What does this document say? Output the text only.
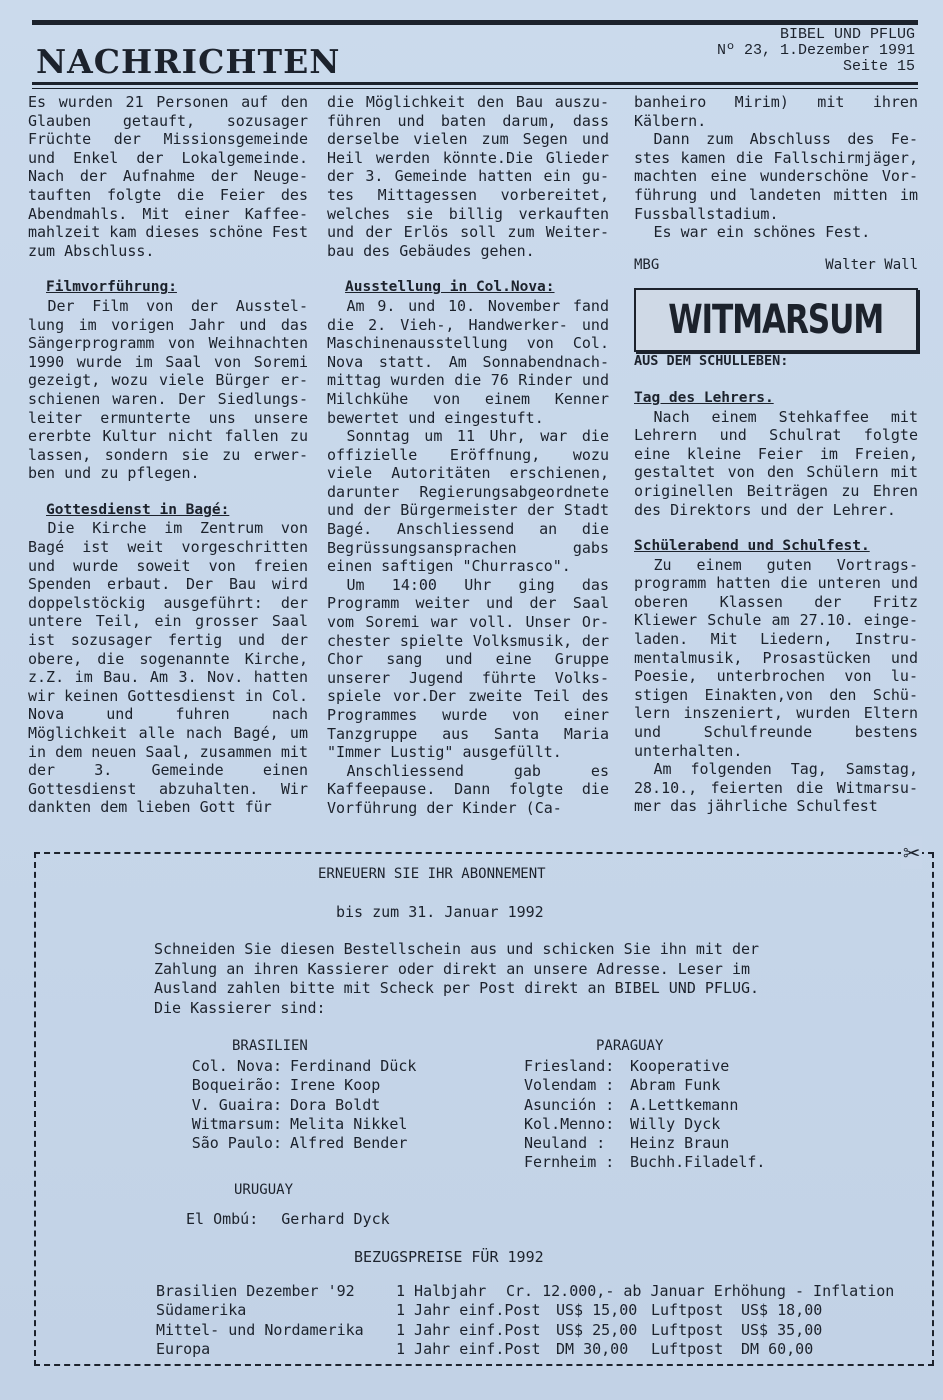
NACHRICHTEN
BIBEL UND PFLUG
Nº 23, 1.Dezember 1991
Seite 15

Es wurden 21 Personen auf den Glauben getauft, sozusager Früchte der Missionsgemeinde und Enkel der Lokalgemeinde. Nach der Aufnahme der Neuge- tauften folgte die Feier des Abendmahls. Mit einer Kaffee- mahlzeit kam dieses schöne Fest zum Abschluss.

Filmvorführung:

Der Film von der Ausstel- lung im vorigen Jahr und das Sängerprogramm von Weihnachten 1990 wurde im Saal von Soremi gezeigt, wozu viele Bürger er- schienen waren. Der Siedlungs- leiter ermunterte uns unsere ererbte Kultur nicht fallen zu lassen, sondern sie zu erwer- ben und zu pflegen.

Gottesdienst in Bagé:

Die Kirche im Zentrum von Bagé ist weit vorgeschritten und wurde soweit von freien Spenden erbaut. Der Bau wird doppelstöckig ausgeführt: der untere Teil, ein grosser Saal ist sozusager fertig und der obere, die sogenannte Kirche, z.Z. im Bau. Am 3. Nov. hatten wir keinen Gottesdienst in Col. Nova und fuhren nach Möglichkeit alle nach Bagé, um in dem neuen Saal, zusammen mit der 3. Gemeinde einen Gottesdienst abzuhalten. Wir dankten dem lieben Gott für

die Möglichkeit den Bau auszu- führen und baten darum, dass derselbe vielen zum Segen und Heil werden könnte.Die Glieder der 3. Gemeinde hatten ein gu- tes Mittagessen vorbereitet, welches sie billig verkauften und der Erlös soll zum Weiter- bau des Gebäudes gehen.

Ausstellung in Col.Nova:

Am 9. und 10. November fand die 2. Vieh-, Handwerker- und Maschinenausstellung von Col. Nova statt. Am Sonnabendnach- mittag wurden die 76 Rinder und Milchkühe von einem Kenner bewertet und eingestuft.

Sonntag um 11 Uhr, war die offizielle Eröffnung, wozu viele Autoritäten erschienen, darunter Regierungsabgeordnete und der Bürgermeister der Stadt Bagé. Anschliessend an die Begrüssungsansprachen gabs einen saftigen "Churrasco".

Um 14:00 Uhr ging das Programm weiter und der Saal vom Soremi war voll. Unser Or- chester spielte Volksmusik, der Chor sang und eine Gruppe unserer Jugend führte Volks- spiele vor.Der zweite Teil des Programmes wurde von einer Tanzgruppe aus Santa Maria "Immer Lustig" ausgefüllt.

Anschliessend gab es Kaffeepause. Dann folgte die Vorführung der Kinder (Ca-

banheiro Mirim) mit ihren Kälbern.

Dann zum Abschluss des Fe- stes kamen die Fallschirmjäger, machten eine wunderschöne Vor- führung und landeten mitten im Fussballstadium.

Es war ein schönes Fest.

MBG	Walter Wall
WITMARSUM

AUS DEM SCHULLEBEN:

Tag des Lehrers.

Nach einem Stehkaffee mit Lehrern und Schulrat folgte eine kleine Feier im Freien, gestaltet von den Schülern mit originellen Beiträgen zu Ehren des Direktors und der Lehrer.

Schülerabend und Schulfest.

Zu einem guten Vortrags- programm hatten die unteren und oberen Klassen der Fritz Kliewer Schule am 27.10. einge- laden. Mit Liedern, Instru- mentalmusik, Prosastücken und Poesie, unterbrochen von lu- stigen Einakten,von den Schü- lern inszeniert, wurden Eltern und Schulfreunde bestens unterhalten.

Am folgenden Tag, Samstag, 28.10., feierten die Witmarsu- mer das jährliche Schulfest

✂
ERNEUERN SIE IHR ABONNEMENT
bis zum 31. Januar 1992
Schneiden Sie diesen Bestellschein aus und schicken Sie ihn mit der Zahlung an ihren Kassierer oder direkt an unsere Adresse. Leser im Ausland zahlen bitte mit Scheck per Post direkt an BIBEL UND PFLUG. Die Kassierer sind:
BRASILIEN
Col. Nova: Ferdinand Dück
Boqueirão: Irene Koop
V. Guaira: Dora Boldt
Witmarsum: Melita Nikkel
São Paulo: Alfred Bender
PARAGUAY
Friesland:	Kooperative
Volendam :	Abram Funk
Asunción :	A.Lettkemann
Kol.Menno:	Willy Dyck
Neuland :	Heinz Braun
Fernheim :	Buchh.Filadelf.
URUGUAY
El Ombú: Gerhard Dyck
BEZUGSPREISE FÜR 1992
Brasilien Dezember '92	1 Halbjahr	Cr. 12.000,- ab Januar Erhöhung - Inflation
Südamerika	1 Jahr einf.Post	US$ 15,00 Luftpost	US$ 18,00
Mittel- und Nordamerika	1 Jahr einf.Post	US$ 25,00 Luftpost	US$ 35,00
Europa	1 Jahr einf.Post	DM 30,00	Luftpost	DM 60,00
